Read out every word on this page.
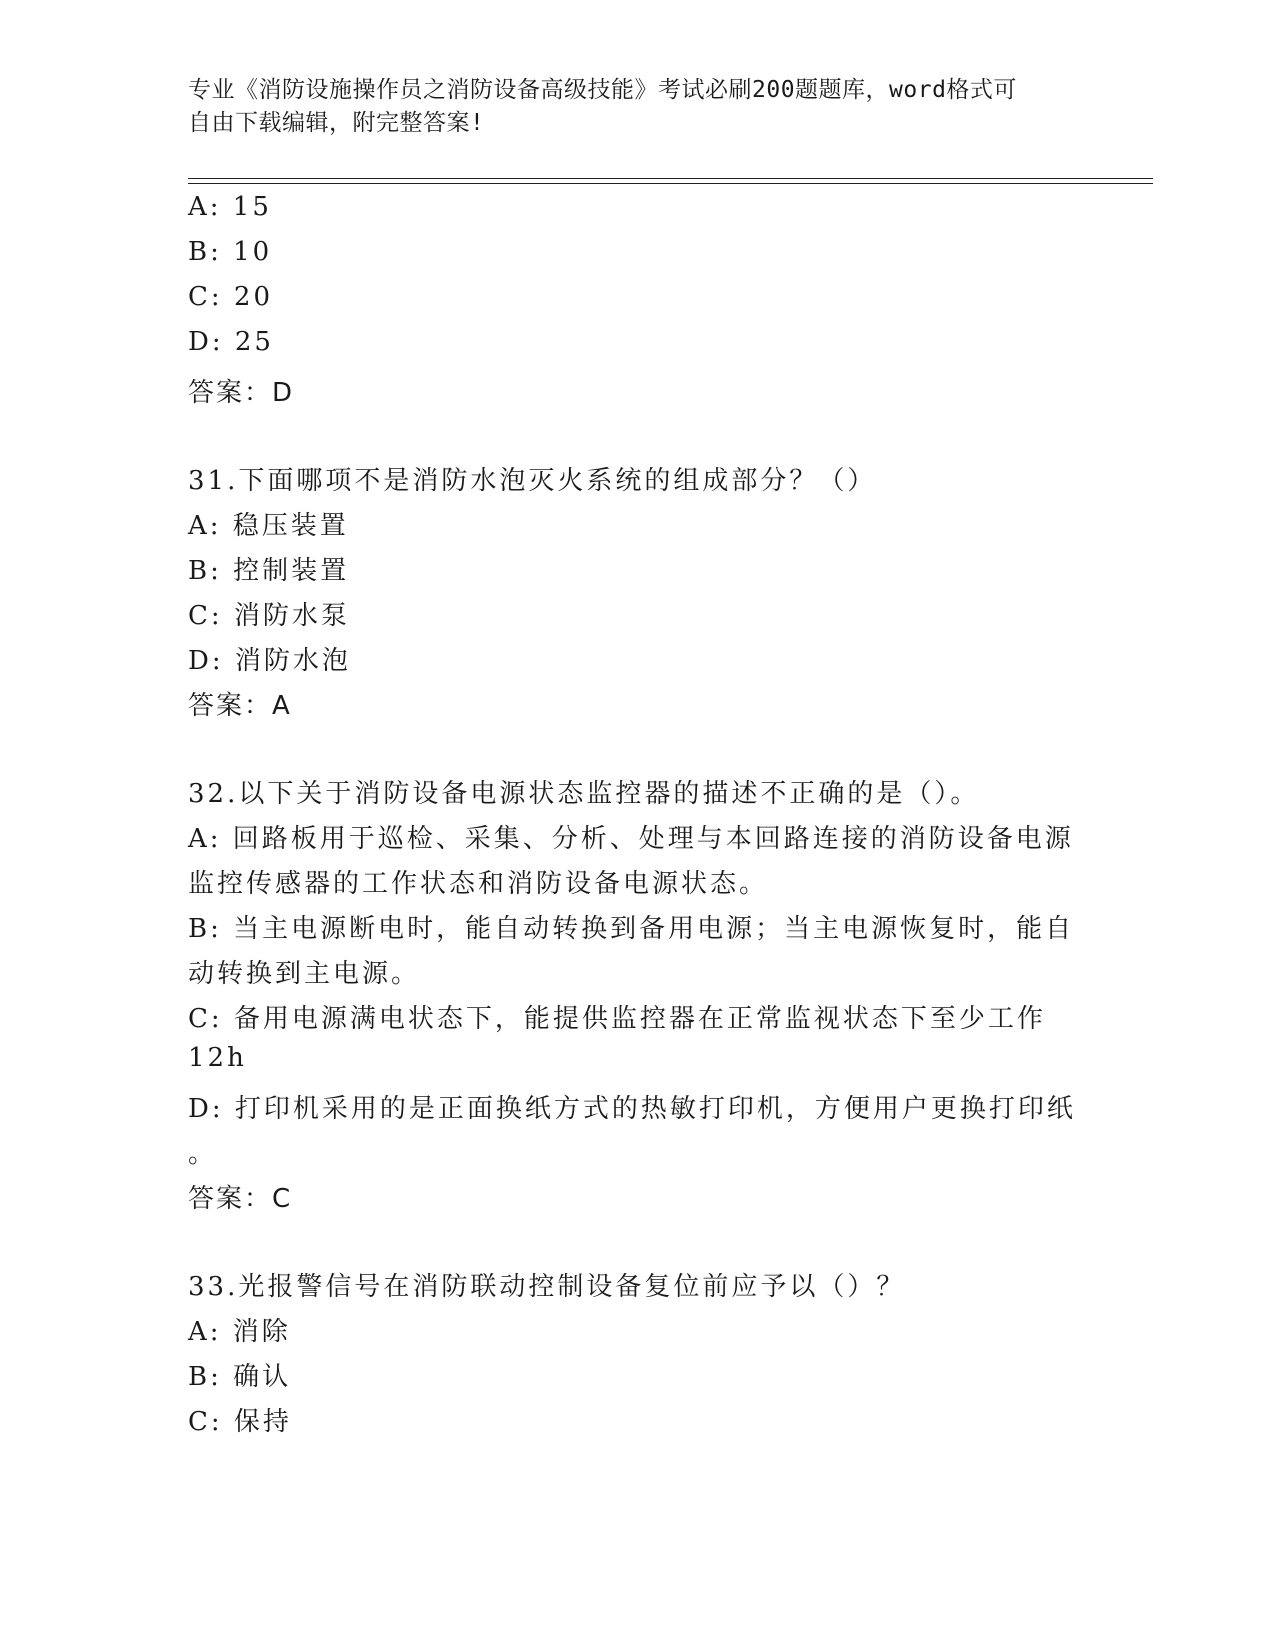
专业《消防设施操作员之消防设备高级技能》考试必刷200题题库，word格式可
自由下载编辑，附完整答案!
A: 15
B: 10
C: 20
D: 25
答案：D
31.下面哪项不是消防水泡灭火系统的组成部分？（）
A: 稳压装置
B: 控制装置
C: 消防水泵
D: 消防水泡
答案：A
32.以下关于消防设备电源状态监控器的描述不正确的是（）。
A: 回路板用于巡检、采集、分析、处理与本回路连接的消防设备电源
监控传感器的工作状态和消防设备电源状态。
B: 当主电源断电时，能自动转换到备用电源；当主电源恢复时，能自
动转换到主电源。
C: 备用电源满电状态下，能提供监控器在正常监视状态下至少工作
12h
D: 打印机采用的是正面换纸方式的热敏打印机，方便用户更换打印纸
。
答案：C
33.光报警信号在消防联动控制设备复位前应予以（）？
A: 消除
B: 确认
C: 保持
